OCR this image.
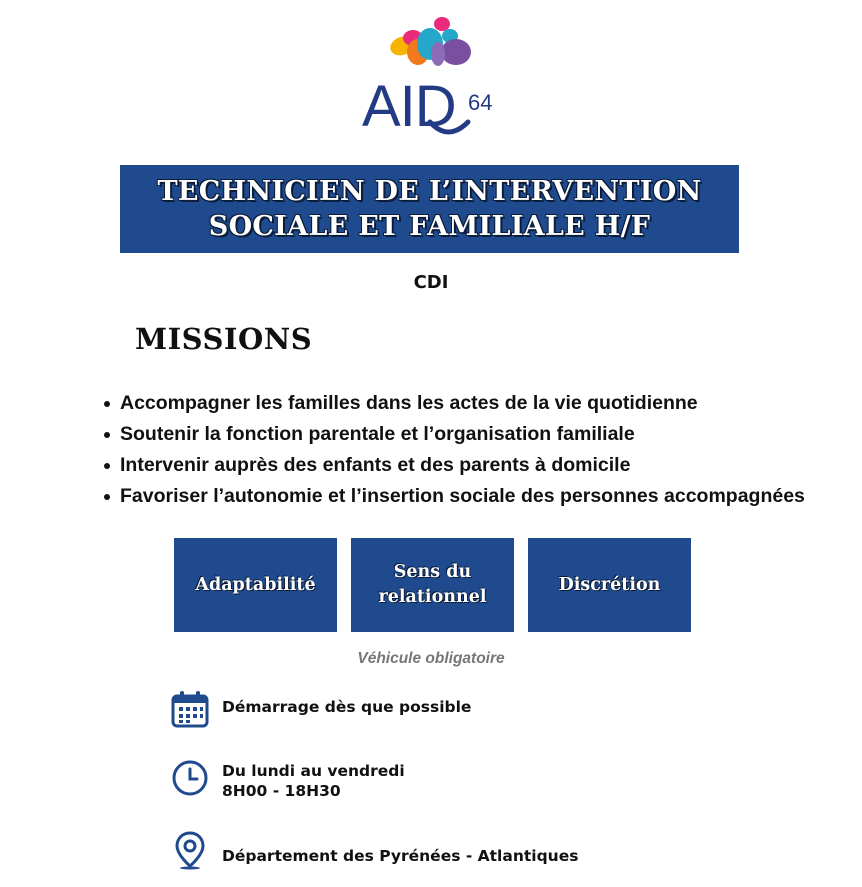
AID 64
TECHNICIEN DE L’INTERVENTION
SOCIALE ET FAMILIALE H/F
CDI
MISSIONS
Accompagner les familles dans les actes de la vie quotidienne
Soutenir la fonction parentale et l’organisation familiale
Intervenir auprès des enfants et des parents à domicile
Favoriser l’autonomie et l’insertion sociale des personnes accompagnées
Adaptabilité
Sens du
relationnel
Discrétion
Véhicule obligatoire
Démarrage dès que possible
Du lundi au vendredi
8H00 - 18H30
Département des Pyrénées - Atlantiques
